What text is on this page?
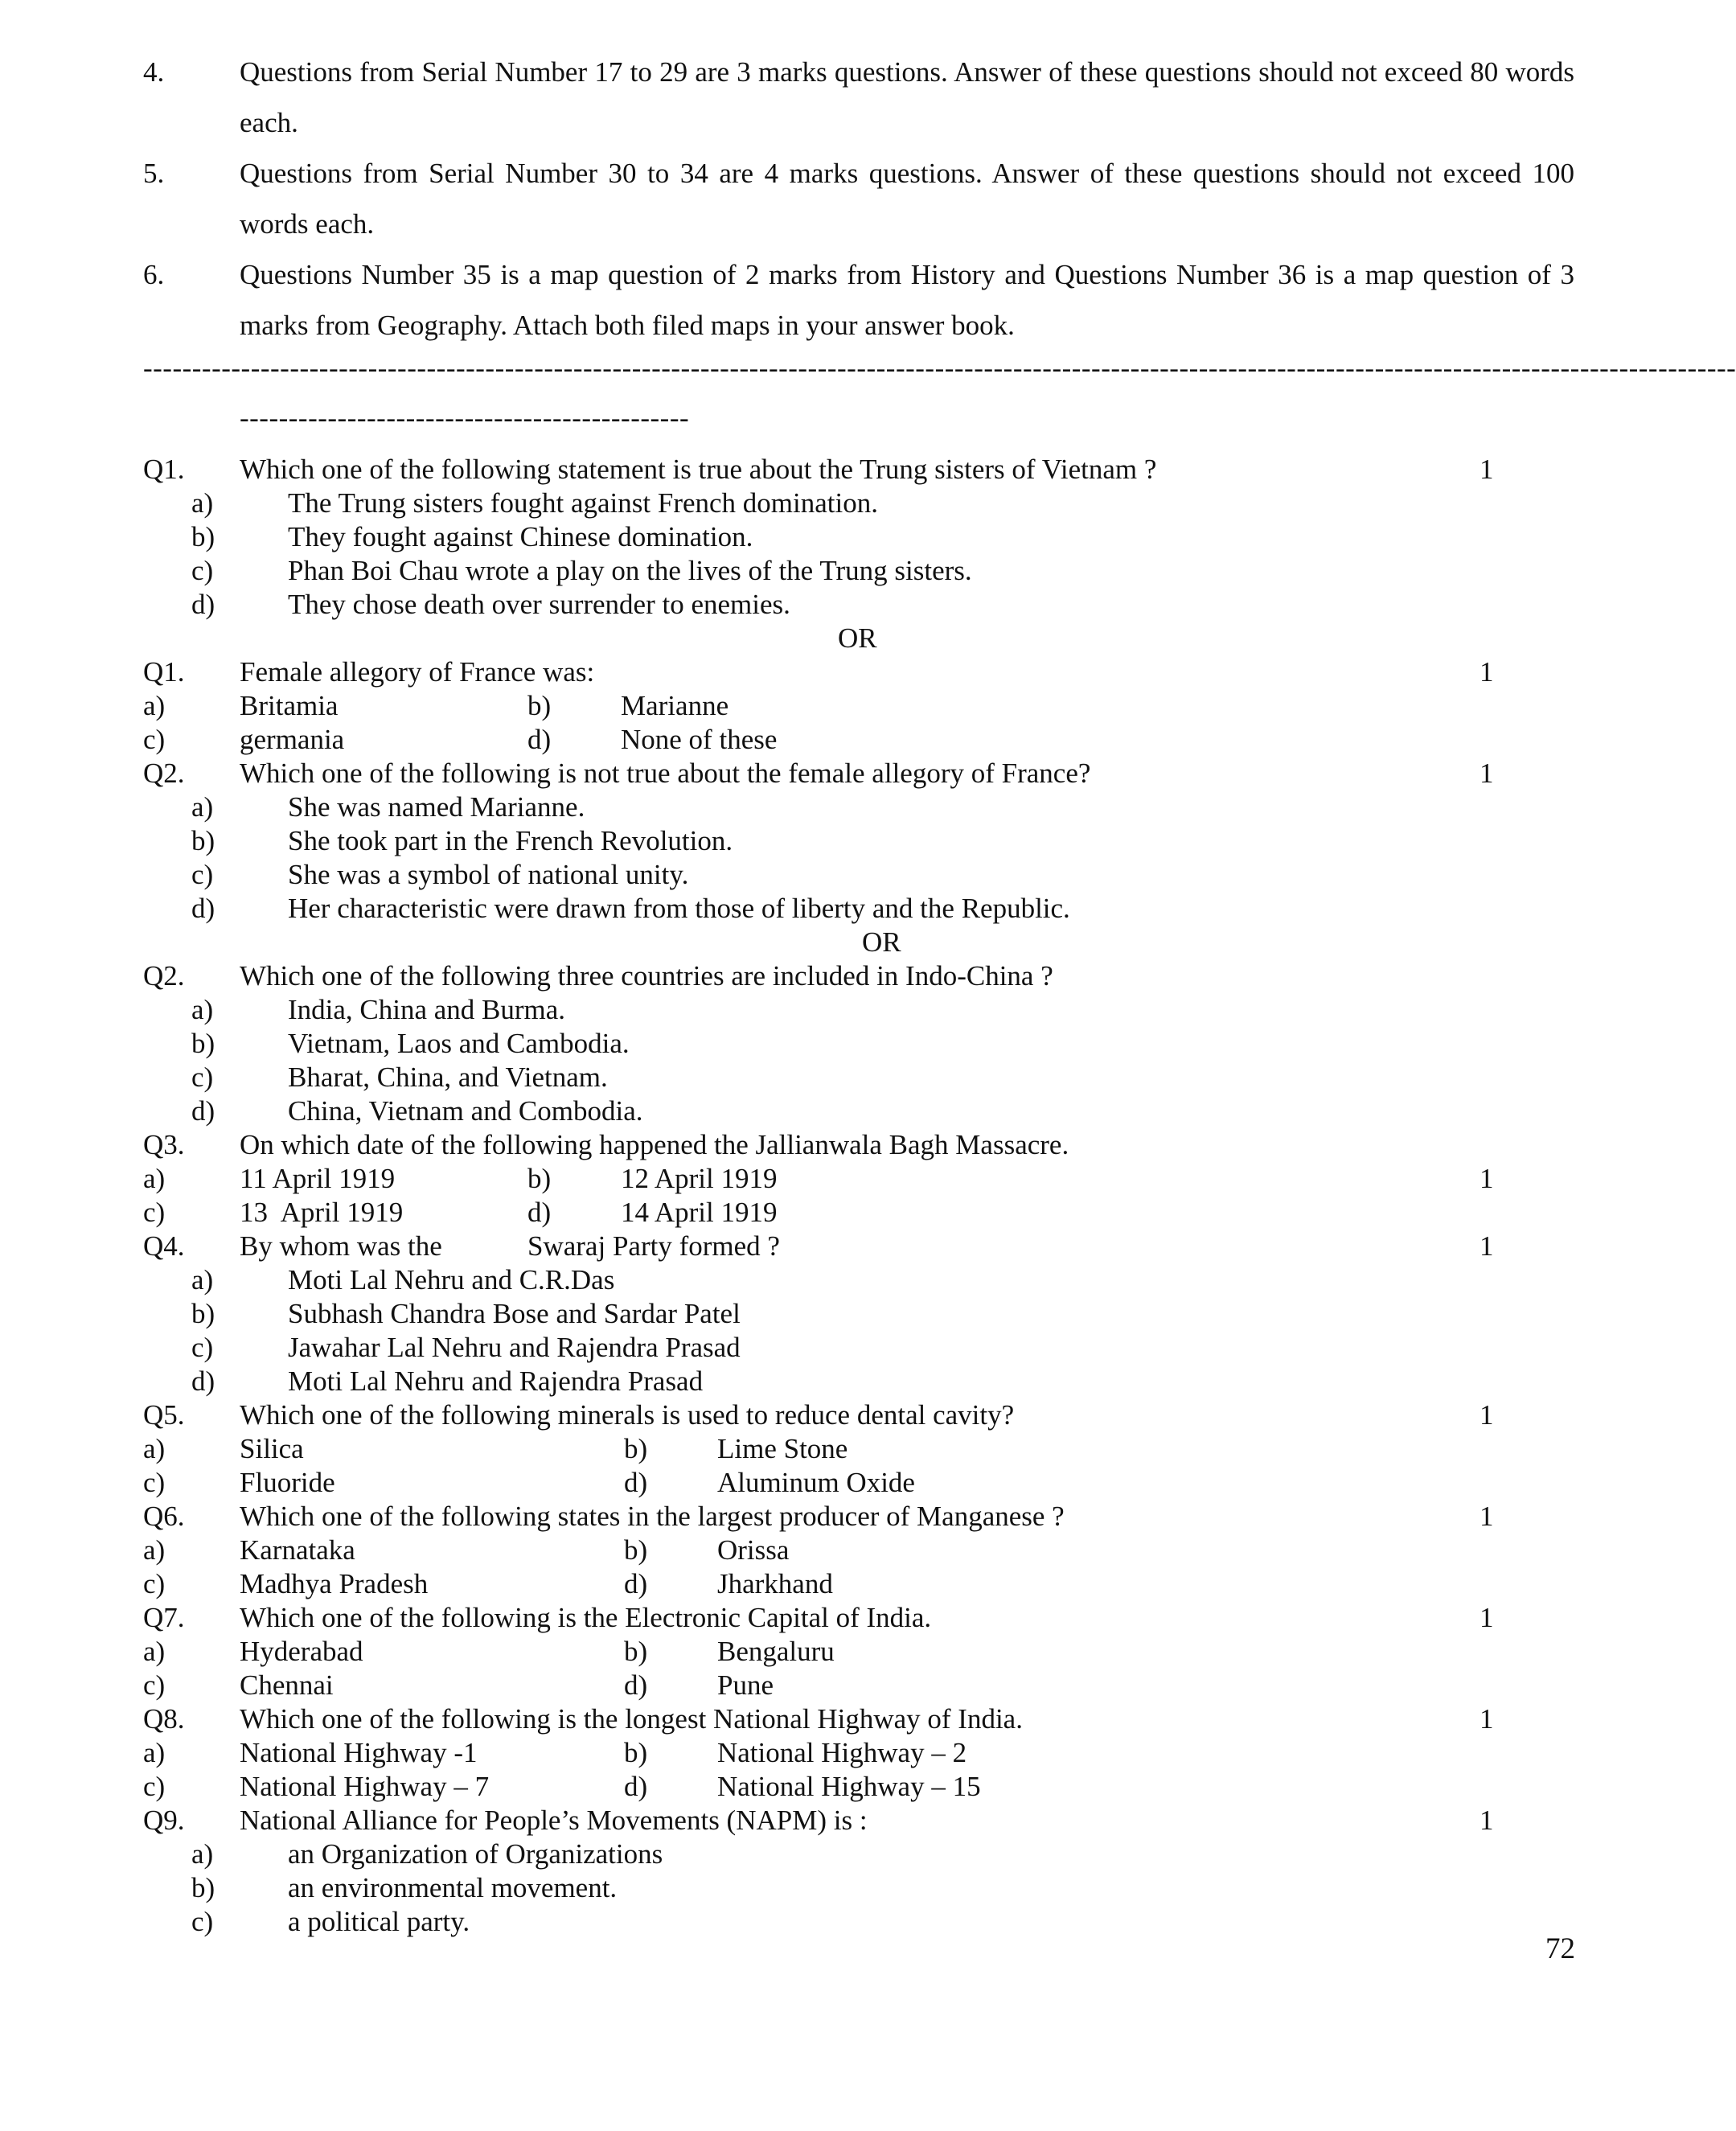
4.	Questions from Serial Number 17 to 29 are 3 marks questions. Answer of these questions should not exceed 80 words each.
5.	Questions from Serial Number 30 to 34 are 4 marks questions. Answer of these questions should not exceed 100 words each.
6.	Questions Number 35 is a map question of 2 marks from History and Questions Number 36 is a map question of 3 marks from Geography. Attach both filed maps in your answer book.
-------------------------------------------------------------------------------------------------------------------------------------------------------------------
----------------------------------------------
Q1. Which one of the following statement is true about the Trung sisters of Vietnam ?	1
a)	The Trung sisters fought against French domination.
b)	They fought against Chinese domination.
c)	Phan Boi Chau wrote a play on the lives of the Trung sisters.
d)	They chose death over surrender to enemies.
OR
Q1. Female allegory of France was:	1
a)	Britamia	b) Marianne
c)	germania	d) None of these
Q2. Which one of the following is not true about the female allegory of France?	1
a)	She was named Marianne.
b)	She took part in the French Revolution.
c)	She was a symbol of national unity.
d)	Her characteristic were drawn from those of liberty and the Republic.
OR
Q2. Which one of the following three countries are included in Indo-China ?
a)	India, China and Burma.
b)	Vietnam, Laos and Cambodia.
c)	Bharat, China, and Vietnam.
d)	China, Vietnam and Combodia.
Q3. On which date of the following happened the Jallianwala Bagh Massacre.
a)	11 April 1919	b) 12 April 1919	1
c)	13  April 1919	d) 14 April 1919
Q4. By whom was the	Swaraj Party formed ?	1
a)	Moti Lal Nehru and C.R.Das
b)	Subhash Chandra Bose and Sardar Patel
c)	Jawahar Lal Nehru and Rajendra Prasad
d)	Moti Lal Nehru and Rajendra Prasad
Q5. Which one of the following minerals is used to reduce dental cavity?	1
a)	Silica	b) Lime Stone
c)	Fluoride	d) Aluminum Oxide
Q6. Which one of the following states in the largest producer of Manganese ?	1
a)	Karnataka	b) Orissa
c)	Madhya Pradesh	d) Jharkhand
Q7. Which one of the following is the Electronic Capital of India.	1
a)	Hyderabad	b) Bengaluru
c)	Chennai	d) Pune
Q8. Which one of the following is the longest National Highway of India.	1
a)	National Highway -1	b) National Highway – 2
c)	National Highway – 7	d) National Highway – 15
Q9. National Alliance for People’s Movements (NAPM) is :	1
a)	an Organization of Organizations
b)	an environmental movement.
c)	a political party.
72
